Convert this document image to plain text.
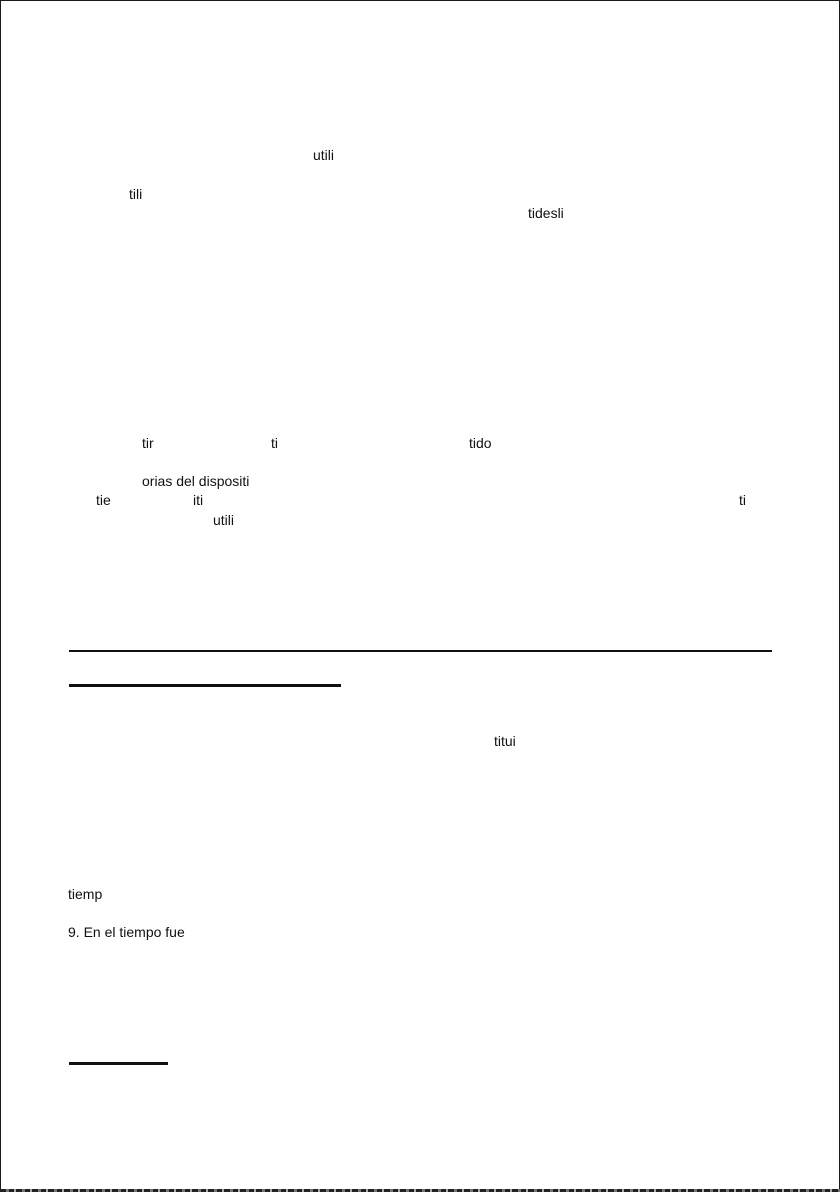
utili
tili
tidesli
tir	ti	tido
orias del dispositi
tie	iti	ti
utili
titui
tiemp
9. En el tiempo fue
